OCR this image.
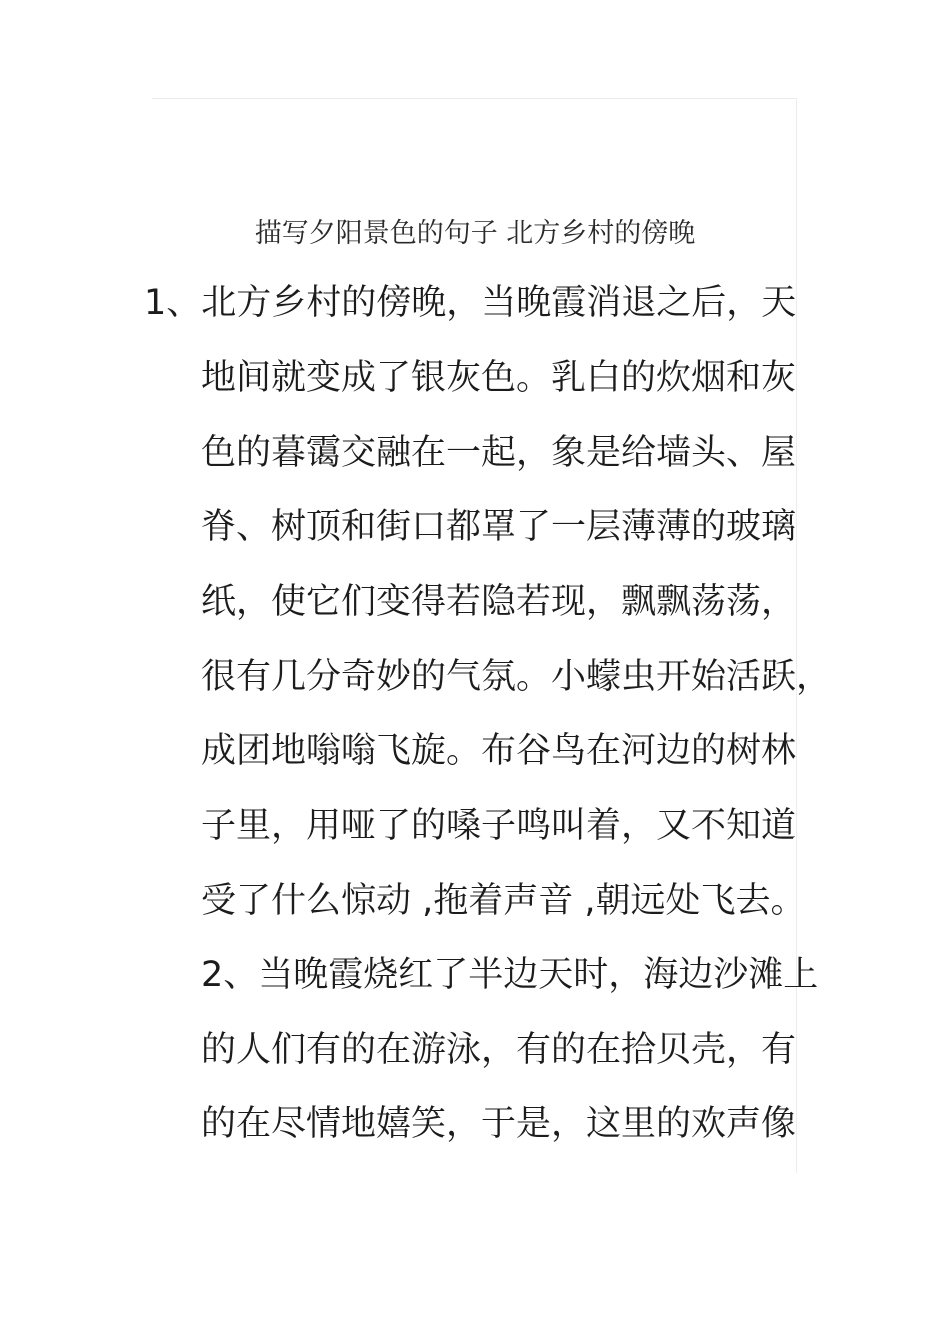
描写夕阳景色的句子 北方乡村的傍晚
1、北方乡村的傍晚，当晚霞消退之后，天
地间就变成了银灰色。乳白的炊烟和灰
色的暮霭交融在一起，象是给墙头、屋
脊、树顶和街口都罩了一层薄薄的玻璃
纸，使它们变得若隐若现，飘飘荡荡，
很有几分奇妙的气氛。小蠓虫开始活跃，
成团地嗡嗡飞旋。布谷鸟在河边的树林
子里，用哑了的嗓子鸣叫着，又不知道
受了什么惊动 ,拖着声音 ,朝远处飞去。
2、当晚霞烧红了半边天时，海边沙滩上
的人们有的在游泳，有的在拾贝壳，有
的在尽情地嬉笑，于是，这里的欢声像
